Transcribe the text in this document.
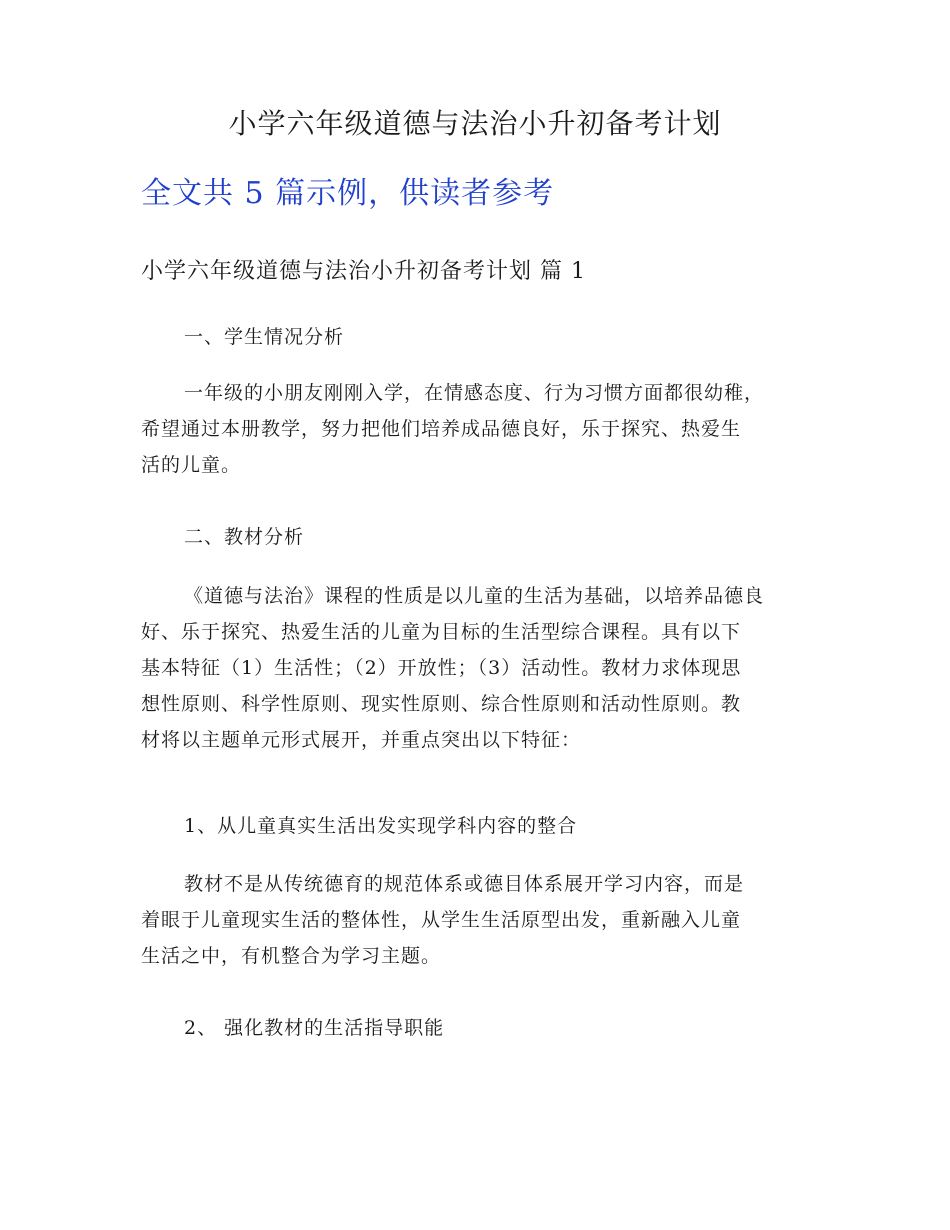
小学六年级道德与法治小升初备考计划
全文共 5 篇示例，供读者参考
小学六年级道德与法治小升初备考计划 篇 1
一、学生情况分析
一年级的小朋友刚刚入学，在情感态度、行为习惯方面都很幼稚，
希望通过本册教学，努力把他们培养成品德良好，乐于探究、热爱生
活的儿童。
二、教材分析
《道德与法治》课程的性质是以儿童的生活为基础，以培养品德良
好、乐于探究、热爱生活的儿童为目标的生活型综合课程。具有以下
基本特征（1）生活性；（2）开放性；（3）活动性。教材力求体现思
想性原则、科学性原则、现实性原则、综合性原则和活动性原则。教
材将以主题单元形式展开，并重点突出以下特征：
1、从儿童真实生活出发实现学科内容的整合
教材不是从传统德育的规范体系或德目体系展开学习内容，而是
着眼于儿童现实生活的整体性，从学生生活原型出发，重新融入儿童
生活之中，有机整合为学习主题。
2、 强化教材的生活指导职能
